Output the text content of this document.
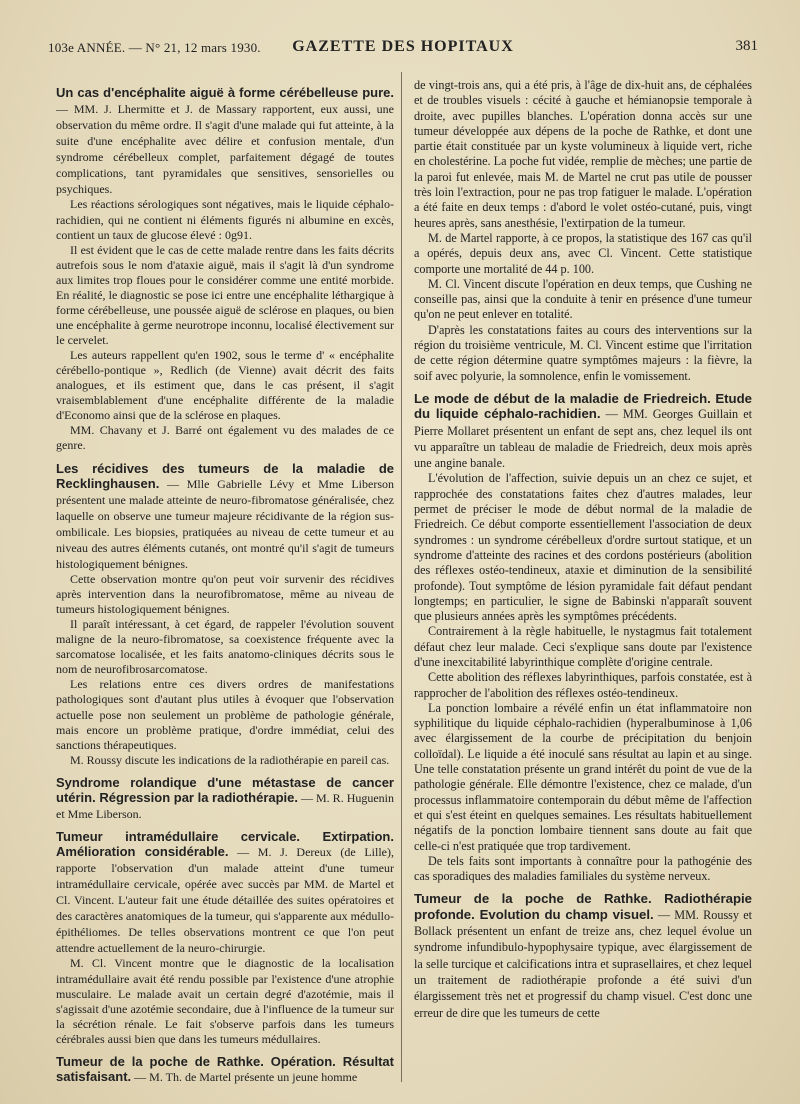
103e ANNÉE. — N° 21, 12 mars 1930.	GAZETTE DES HOPITAUX	381
Un cas d'encéphalite aiguë à forme cérébelleuse pure. — MM. J. Lhermitte et J. de Massary rapportent, eux aussi, une observation du même ordre. Il s'agit d'une malade qui fut atteinte, à la suite d'une encéphalite avec délire et confusion mentale, d'un syndrome cérébelleux complet, parfaitement dégagé de toutes complications, tant pyramidales que sensitives, sensorielles ou psychiques.

Les réactions sérologiques sont négatives, mais le liquide céphalo-rachidien, qui ne contient ni éléments figurés ni albumine en excès, contient un taux de glucose élevé : 0g91.

Il est évident que le cas de cette malade rentre dans les faits décrits autrefois sous le nom d'ataxie aiguë, mais il s'agit là d'un syndrome aux limites trop floues pour le considérer comme une entité morbide. En réalité, le diagnostic se pose ici entre une encéphalite léthargique à forme cérébelleuse, une poussée aiguë de sclérose en plaques, ou bien une encéphalite à germe neurotrope inconnu, localisé électivement sur le cervelet.

Les auteurs rappellent qu'en 1902, sous le terme d' « encéphalite cérébello-pontique », Redlich (de Vienne) avait décrit des faits analogues, et ils estiment que, dans le cas présent, il s'agit vraisemblablement d'une encéphalite différente de la maladie d'Economo ainsi que de la sclérose en plaques.

MM. Chavany et J. Barré ont également vu des malades de ce genre.

Les récidives des tumeurs de la maladie de Recklinghausen. — Mlle Gabrielle Lévy et Mme Liberson présentent une malade atteinte de neuro-fibromatose généralisée, chez laquelle on observe une tumeur majeure récidivante de la région sus-ombilicale. Les biopsies, pratiquées au niveau de cette tumeur et au niveau des autres éléments cutanés, ont montré qu'il s'agit de tumeurs histologiquement bénignes.

Cette observation montre qu'on peut voir survenir des récidives après intervention dans la neurofibromatose, même au niveau de tumeurs histologiquement bénignes.

Il paraît intéressant, à cet égard, de rappeler l'évolution souvent maligne de la neuro-fibromatose, sa coexistence fréquente avec la sarcomatose localisée, et les faits anatomo-cliniques décrits sous le nom de neurofibrosarcomatose.

Les relations entre ces divers ordres de manifestations pathologiques sont d'autant plus utiles à évoquer que l'observation actuelle pose non seulement un problème de pathologie générale, mais encore un problème pratique, d'ordre immédiat, celui des sanctions thérapeutiques.

M. Roussy discute les indications de la radiothérapie en pareil cas.

Syndrome rolandique d'une métastase de cancer utérin. Régression par la radiothérapie. — M. R. Huguenin et Mme Liberson.
Tumeur intramédullaire cervicale. Extirpation. Amélioration considérable. — M. J. Dereux (de Lille), rapporte l'observation d'un malade atteint d'une tumeur intramédullaire cervicale, opérée avec succès par MM. de Martel et Cl. Vincent. L'auteur fait une étude détaillée des suites opératoires et des caractères anatomiques de la tumeur, qui s'apparente aux médullo-épithéliomes. De telles observations montrent ce que l'on peut attendre actuellement de la neuro-chirurgie.

M. Cl. Vincent montre que le diagnostic de la localisation intramédullaire avait été rendu possible par l'existence d'une atrophie musculaire. Le malade avait un certain degré d'azotémie, mais il s'agissait d'une azotémie secondaire, due à l'influence de la tumeur sur la sécrétion rénale. Le fait s'observe parfois dans les tumeurs cérébrales aussi bien que dans les tumeurs médullaires.

Tumeur de la poche de Rathke. Opération. Résultat satisfaisant. — M. Th. de Martel présente un jeune homme

de vingt-trois ans, qui a été pris, à l'âge de dix-huit ans, de céphalées et de troubles visuels : cécité à gauche et hémianopsie temporale à droite, avec pupilles blanches. L'opération donna accès sur une tumeur développée aux dépens de la poche de Rathke, et dont une partie était constituée par un kyste volumineux à liquide vert, riche en cholestérine. La poche fut vidée, remplie de mèches; une partie de la paroi fut enlevée, mais M. de Martel ne crut pas utile de pousser très loin l'extraction, pour ne pas trop fatiguer le malade. L'opération a été faite en deux temps : d'abord le volet ostéo-cutané, puis, vingt heures après, sans anesthésie, l'extirpation de la tumeur.

M. de Martel rapporte, à ce propos, la statistique des 167 cas qu'il a opérés, depuis deux ans, avec Cl. Vincent. Cette statistique comporte une mortalité de 44 p. 100.

M. Cl. Vincent discute l'opération en deux temps, que Cushing ne conseille pas, ainsi que la conduite à tenir en présence d'une tumeur qu'on ne peut enlever en totalité.

D'après les constatations faites au cours des interventions sur la région du troisième ventricule, M. Cl. Vincent estime que l'irritation de cette région détermine quatre symptômes majeurs : la fièvre, la soif avec polyurie, la somnolence, enfin le vomissement.

Le mode de début de la maladie de Friedreich. Etude du liquide céphalo-rachidien. — MM. Georges Guillain et Pierre Mollaret présentent un enfant de sept ans, chez lequel ils ont vu apparaître un tableau de maladie de Friedreich, deux mois après une angine banale.

L'évolution de l'affection, suivie depuis un an chez ce sujet, et rapprochée des constatations faites chez d'autres malades, leur permet de préciser le mode de début normal de la maladie de Friedreich. Ce début comporte essentiellement l'association de deux syndromes : un syndrome cérébelleux d'ordre surtout statique, et un syndrome d'atteinte des racines et des cordons postérieurs (abolition des réflexes ostéo-tendineux, ataxie et diminution de la sensibilité profonde). Tout symptôme de lésion pyramidale fait défaut pendant longtemps; en particulier, le signe de Babinski n'apparaît souvent que plusieurs années après les symptômes précédents.

Contrairement à la règle habituelle, le nystagmus fait totalement défaut chez leur malade. Ceci s'explique sans doute par l'existence d'une inexcitabilité labyrinthique complète d'origine centrale.

Cette abolition des réflexes labyrinthiques, parfois constatée, est à rapprocher de l'abolition des réflexes ostéo-tendineux.

La ponction lombaire a révélé enfin un état inflammatoire non syphilitique du liquide céphalo-rachidien (hyperalbuminose à 1,06 avec élargissement de la courbe de précipitation du benjoin colloïdal). Le liquide a été inoculé sans résultat au lapin et au singe. Une telle constatation présente un grand intérêt du point de vue de la pathologie générale. Elle démontre l'existence, chez ce malade, d'un processus inflammatoire contemporain du début même de l'affection et qui s'est éteint en quelques semaines. Les résultats habituellement négatifs de la ponction lombaire tiennent sans doute au fait que celle-ci n'est pratiquée que trop tardivement.

De tels faits sont importants à connaître pour la pathogénie des cas sporadiques des maladies familiales du système nerveux.

Tumeur de la poche de Rathke. Radiothérapie profonde. Evolution du champ visuel. — MM. Roussy et Bollack présentent un enfant de treize ans, chez lequel évolue un syndrome infundibulo-hypophysaire typique, avec élargissement de la selle turcique et calcifications intra et suprasellaires, et chez lequel un traitement de radiothérapie profonde a été suivi d'un élargissement très net et progressif du champ visuel. C'est donc une erreur de dire que les tumeurs de cette
